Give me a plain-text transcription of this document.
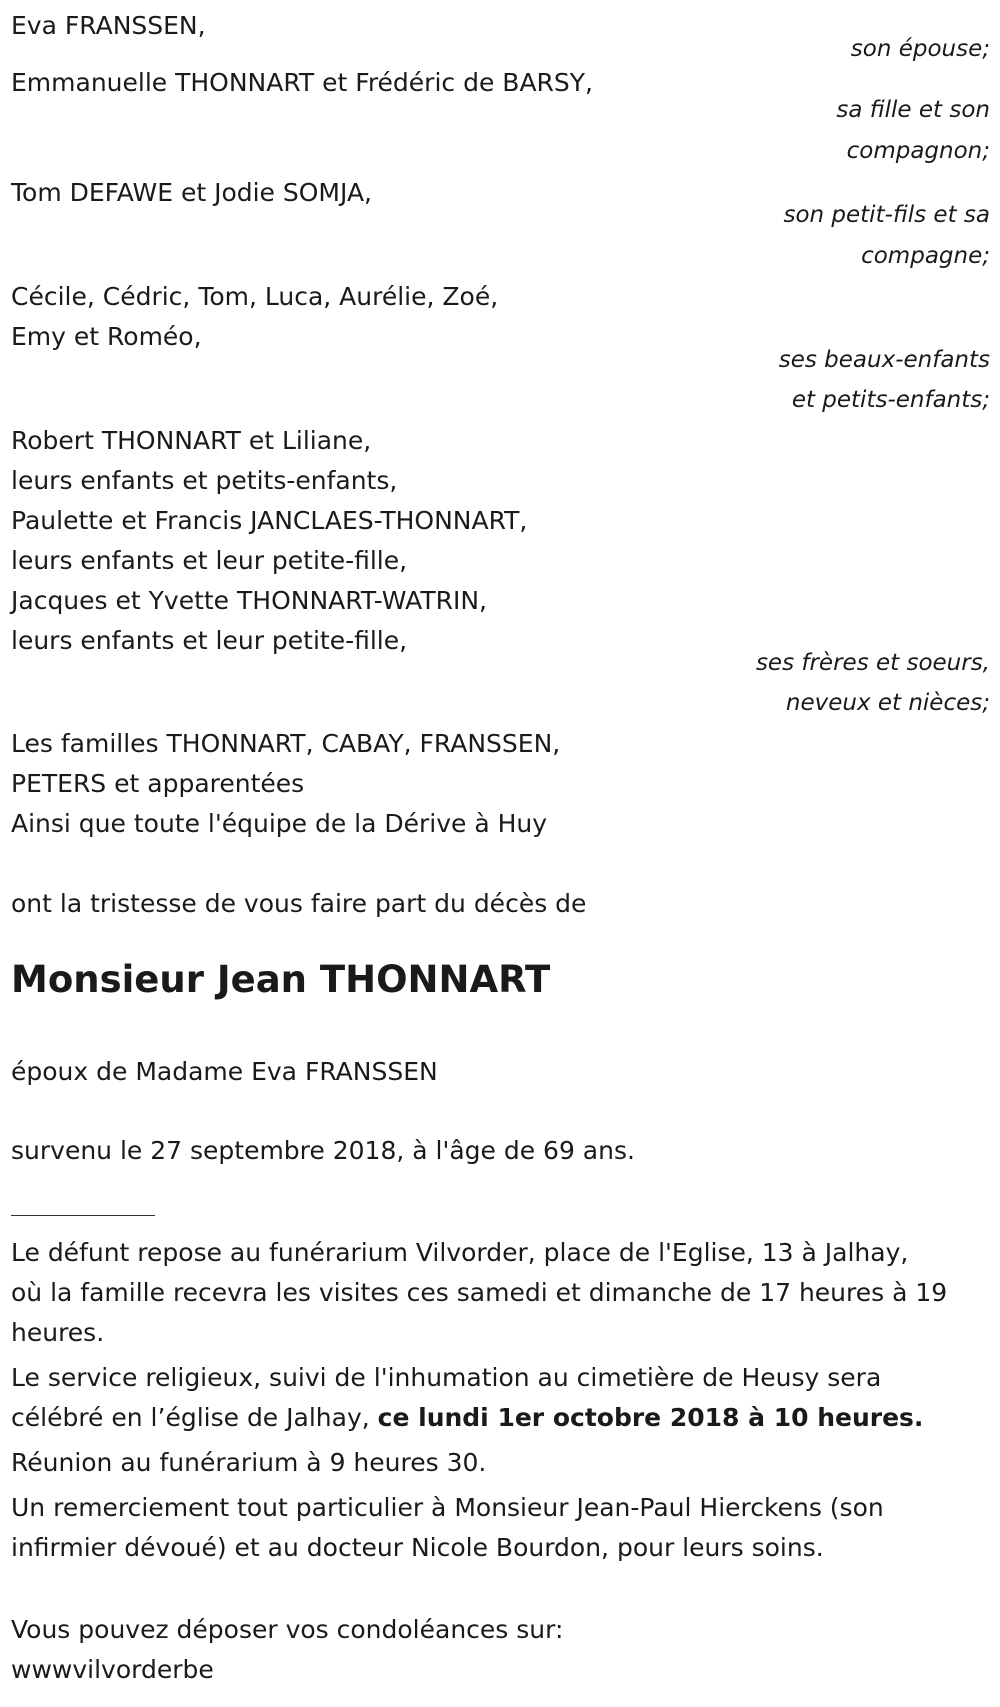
Eva FRANSSEN,
son épouse;
Emmanuelle THONNART et Frédéric de BARSY,
sa fille et son
compagnon;
Tom DEFAWE et Jodie SOMJA,
son petit-fils et sa
compagne;
Cécile, Cédric, Tom, Luca, Aurélie, Zoé,
Emy et Roméo,
ses beaux-enfants
et petits-enfants;
Robert THONNART et Liliane,
leurs enfants et petits-enfants,
Paulette et Francis JANCLAES-THONNART,
leurs enfants et leur petite-fille,
Jacques et Yvette THONNART-WATRIN,
leurs enfants et leur petite-fille,
ses frères et soeurs,
neveux et nièces;
Les familles THONNART, CABAY, FRANSSEN,
PETERS et apparentées
Ainsi que toute l'équipe de la Dérive à Huy
ont la tristesse de vous faire part du décès de
Monsieur Jean THONNART
époux de Madame Eva FRANSSEN
survenu le 27 septembre 2018, à l'âge de 69 ans.
Le défunt repose au funérarium Vilvorder, place de l'Eglise, 13 à Jalhay,
où la famille recevra les visites ces samedi et dimanche de 17 heures à 19
heures.
Le service religieux, suivi de l'inhumation au cimetière de Heusy sera
célébré en l’église de Jalhay, ce lundi 1er octobre 2018 à 10 heures.
Réunion au funérarium à 9 heures 30.
Un remerciement tout particulier à Monsieur Jean-Paul Hierckens (son
infirmier dévoué) et au docteur Nicole Bourdon, pour leurs soins.
Vous pouvez déposer vos condoléances sur:
wwwvilvorderbe
